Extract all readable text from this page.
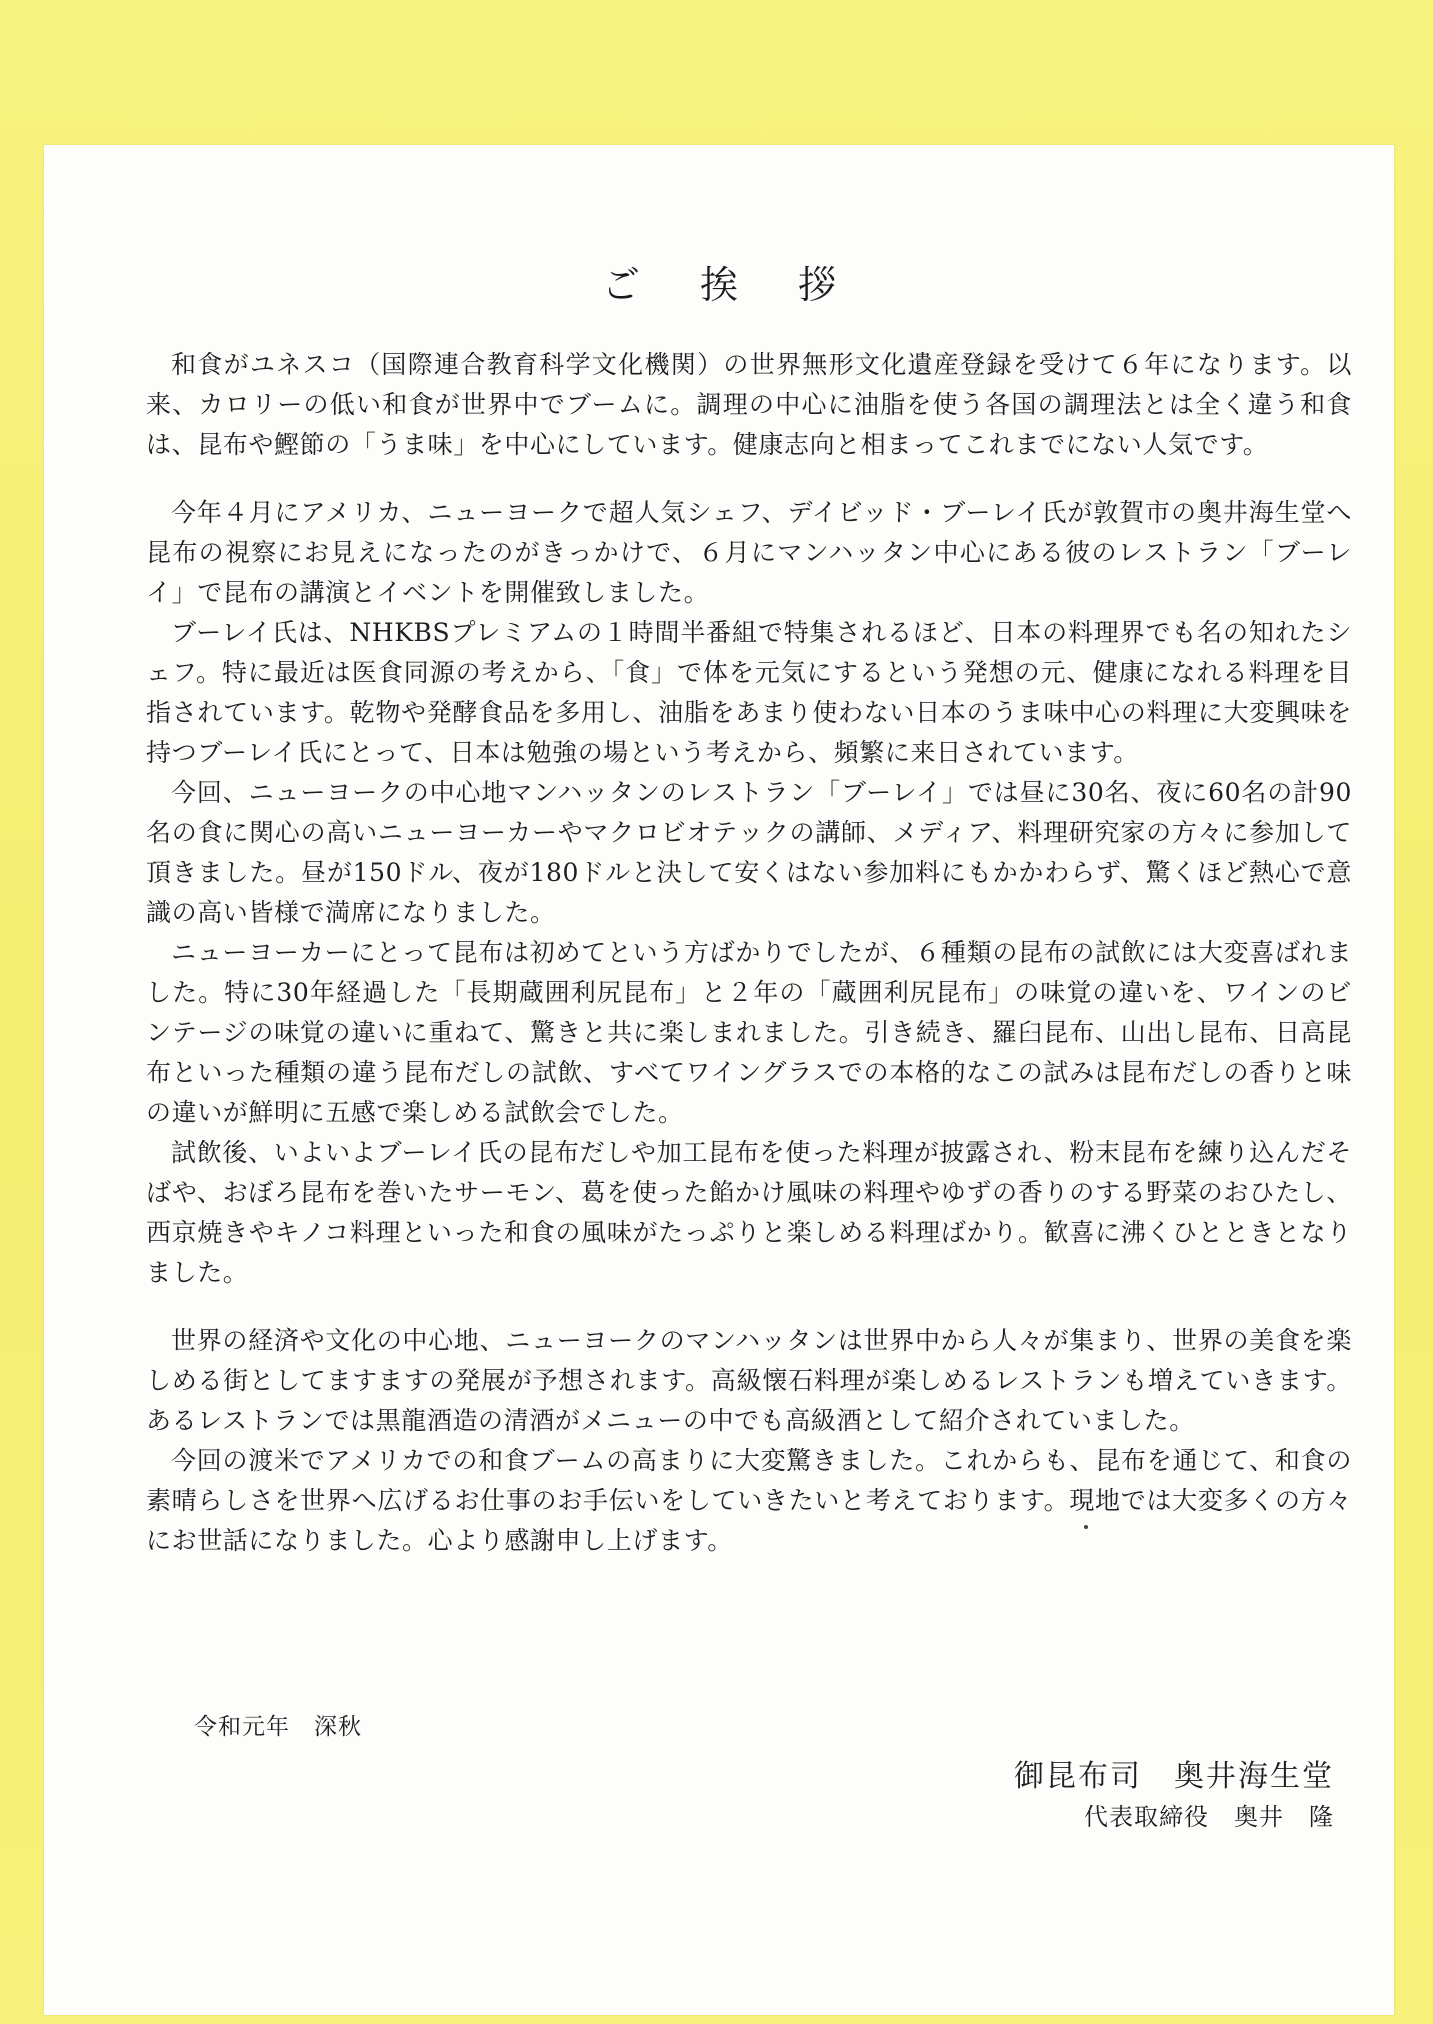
ご 挨 拶

和食がユネスコ（国際連合教育科学文化機関）の世界無形文化遺産登録を受けて６年になります。以来、カロリーの低い和食が世界中でブームに。調理の中心に油脂を使う各国の調理法とは全く違う和食は、昆布や鰹節の「うま味」を中心にしています。健康志向と相まってこれまでにない人気です。

今年４月にアメリカ、ニューヨークで超人気シェフ、デイビッド・ブーレイ氏が敦賀市の奥井海生堂へ昆布の視察にお見えになったのがきっかけで、６月にマンハッタン中心にある彼のレストラン「ブーレイ」で昆布の講演とイベントを開催致しました。

ブーレイ氏は、NHKBSプレミアムの１時間半番組で特集されるほど、日本の料理界でも名の知れたシェフ。特に最近は医食同源の考えから、「食」で体を元気にするという発想の元、健康になれる料理を目指されています。乾物や発酵食品を多用し、油脂をあまり使わない日本のうま味中心の料理に大変興味を持つブーレイ氏にとって、日本は勉強の場という考えから、頻繁に来日されています。

今回、ニューヨークの中心地マンハッタンのレストラン「ブーレイ」では昼に30名、夜に60名の計90名の食に関心の高いニューヨーカーやマクロビオテックの講師、メディア、料理研究家の方々に参加して頂きました。昼が150ドル、夜が180ドルと決して安くはない参加料にもかかわらず、驚くほど熱心で意識の高い皆様で満席になりました。

ニューヨーカーにとって昆布は初めてという方ばかりでしたが、６種類の昆布の試飲には大変喜ばれました。特に30年経過した「長期蔵囲利尻昆布」と２年の「蔵囲利尻昆布」の味覚の違いを、ワインのビンテージの味覚の違いに重ねて、驚きと共に楽しまれました。引き続き、羅臼昆布、山出し昆布、日高昆布といった種類の違う昆布だしの試飲、すべてワイングラスでの本格的なこの試みは昆布だしの香りと味の違いが鮮明に五感で楽しめる試飲会でした。

試飲後、いよいよブーレイ氏の昆布だしや加工昆布を使った料理が披露され、粉末昆布を練り込んだそばや、おぼろ昆布を巻いたサーモン、葛を使った餡かけ風味の料理やゆずの香りのする野菜のおひたし、西京焼きやキノコ料理といった和食の風味がたっぷりと楽しめる料理ばかり。歓喜に沸くひとときとなりました。

世界の経済や文化の中心地、ニューヨークのマンハッタンは世界中から人々が集まり、世界の美食を楽しめる街としてますますの発展が予想されます。高級懐石料理が楽しめるレストランも増えていきます。あるレストランでは黒龍酒造の清酒がメニューの中でも高級酒として紹介されていました。

今回の渡米でアメリカでの和食ブームの高まりに大変驚きました。これからも、昆布を通じて、和食の素晴らしさを世界へ広げるお仕事のお手伝いをしていきたいと考えております。現地では大変多くの方々にお世話になりました。心より感謝申し上げます。

令和元年　深秋
御昆布司　奥井海生堂
代表取締役　奥井　隆
